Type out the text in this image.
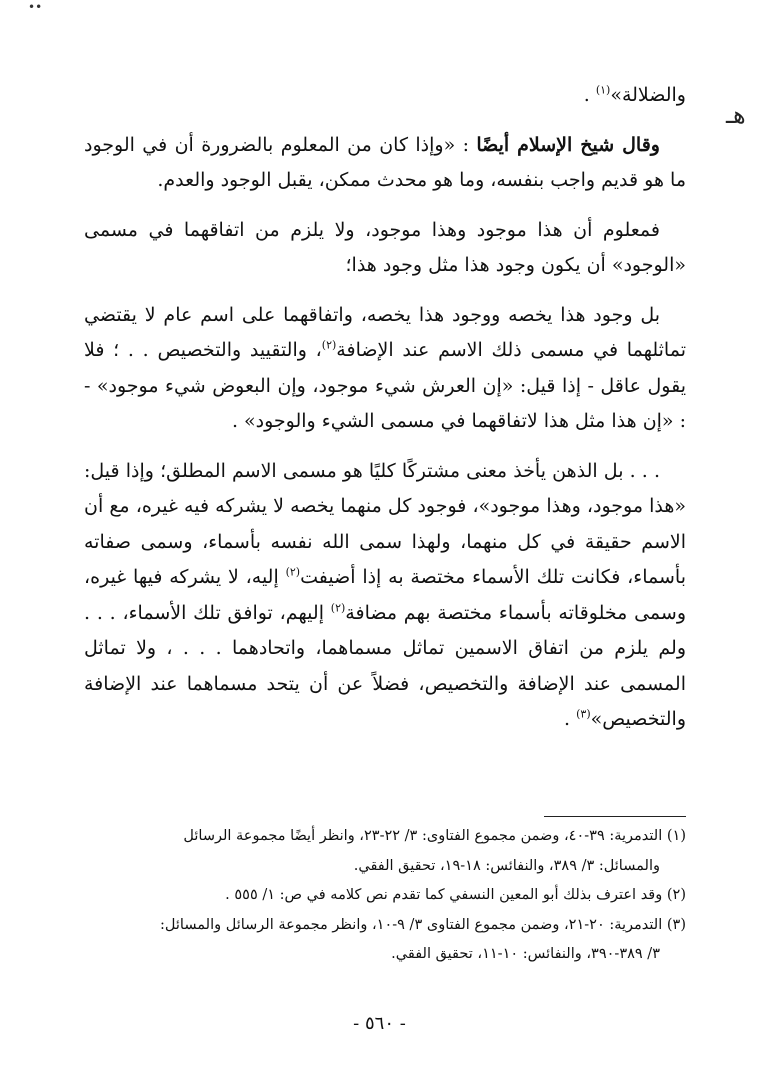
••
هـ

والضلالة»$^{(١)}$ .

وقال شيخ الإسلام أيضًا : «وإذا كان من المعلوم بالضرورة أن في الوجود ما هو قديم واجب بنفسه، وما هو محدث ممكن، يقبل الوجود والعدم.

فمعلوم أن هذا موجود وهذا موجود، ولا يلزم من اتفاقهما في مسمى «الوجود» أن يكون وجود هذا مثل وجود هذا؛

بل وجود هذا يخصه ووجود هذا يخصه، واتفاقهما على اسم عام لا يقتضي تماثلهما في مسمى ذلك الاسم عند الإضافة$^{(٢)}$، والتقييد والتخصيص . . ؛ فلا يقول عاقل - إذا قيل: «إن العرش شيء موجود، وإن البعوض شيء موجود» - : «إن هذا مثل هذا لاتفاقهما في مسمى الشيء والوجود» .

. . . بل الذهن يأخذ معنى مشتركًا كليًا هو مسمى الاسم المطلق؛ وإذا قيل: «هذا موجود، وهذا موجود»، فوجود كل منهما يخصه لا يشركه فيه غيره، مع أن الاسم حقيقة في كل منهما، ولهذا سمى الله نفسه بأسماء، وسمى صفاته بأسماء، فكانت تلك الأسماء مختصة به إذا أضيفت$^{(٢)}$ إليه، لا يشركه فيها غيره، وسمى مخلوقاته بأسماء مختصة بهم مضافة$^{(٢)}$ إليهم، توافق تلك الأسماء، . . . ولم يلزم من اتفاق الاسمين تماثل مسماهما، واتحادهما . . . ، ولا تماثل المسمى عند الإضافة والتخصيص، فضلاً عن أن يتحد مسماهما عند الإضافة والتخصيص»$^{(٣)}$ .

(١) التدمرية: ٣٩-٤٠، وضمن مجموع الفتاوى: ٣/ ٢٢-٢٣، وانظر أيضًا مجموعة الرسائل

والمسائل: ٣/ ٣٨٩، والنفائس: ١٨-١٩، تحقيق الفقي.

(٢) وقد اعترف بذلك أبو المعين النسفي كما تقدم نص كلامه في ص: ١/ ٥٥٥ .

(٣) التدمرية: ٢٠-٢١، وضمن مجموع الفتاوى ٣/ ٩-١٠، وانظر مجموعة الرسائل والمسائل:

٣/ ٣٨٩-٣٩٠، والنفائس: ١٠-١١، تحقيق الفقي.

- ٥٦٠ -
